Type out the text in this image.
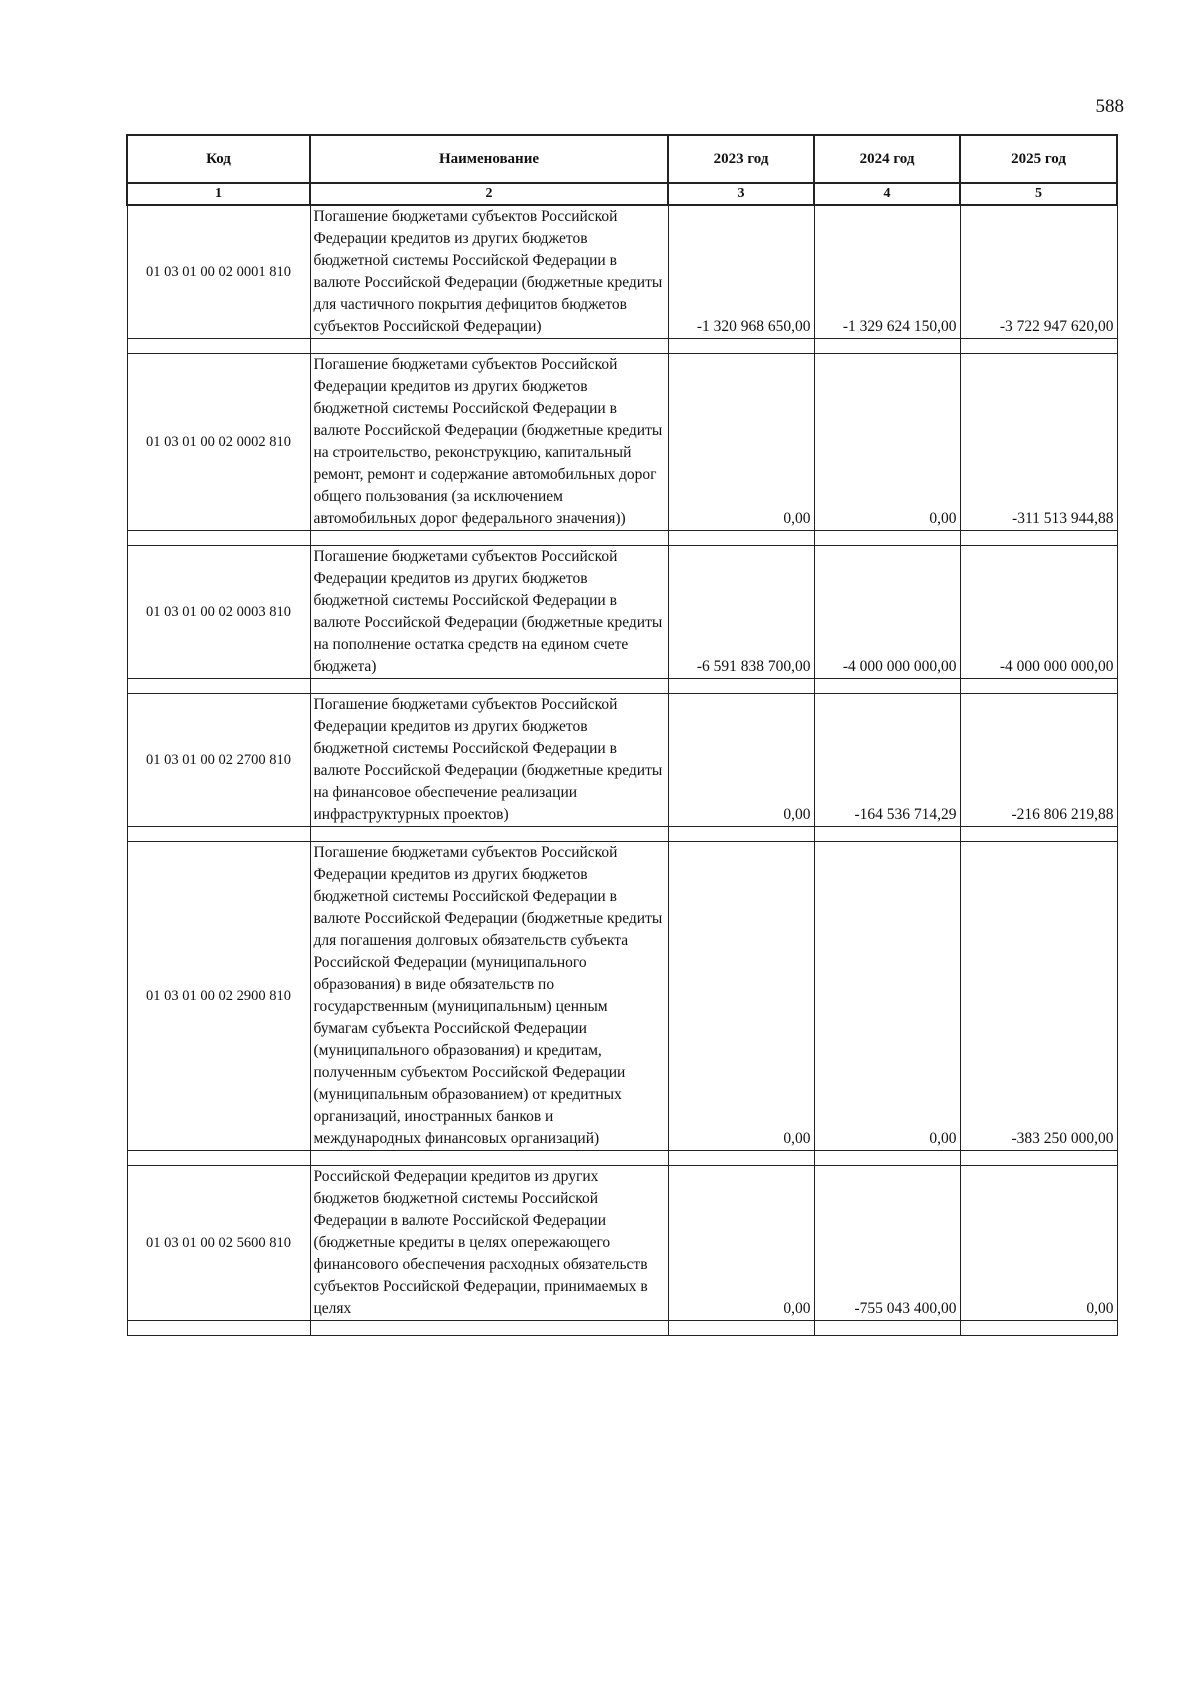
588
Код	Наименование	2023 год	2024 год	2025 год
1	2	3	4	5
01 03 01 00 02 0001 810	Погашение бюджетами субъектов Российской Федерации кредитов из других бюджетов бюджетной системы Российской Федерации в валюте Российской Федерации (бюджетные кредиты для частичного покрытия дефицитов бюджетов субъектов Российской Федерации)	-1 320 968 650,00	-1 329 624 150,00	-3 722 947 620,00

01 03 01 00 02 0002 810	Погашение бюджетами субъектов Российской Федерации кредитов из других бюджетов бюджетной системы Российской Федерации в валюте Российской Федерации (бюджетные кредиты на строительство, реконструкцию, капитальный ремонт, ремонт и содержание автомобильных дорог общего пользования (за исключением автомобильных дорог федерального значения))	0,00	0,00	-311 513 944,88

01 03 01 00 02 0003 810	Погашение бюджетами субъектов Российской Федерации кредитов из других бюджетов бюджетной системы Российской Федерации в валюте Российской Федерации (бюджетные кредиты на пополнение остатка средств на едином счете бюджета)	-6 591 838 700,00	-4 000 000 000,00	-4 000 000 000,00

01 03 01 00 02 2700 810	Погашение бюджетами субъектов Российской Федерации кредитов из других бюджетов бюджетной системы Российской Федерации в валюте Российской Федерации (бюджетные кредиты на финансовое обеспечение реализации инфраструктурных проектов)	0,00	-164 536 714,29	-216 806 219,88

01 03 01 00 02 2900 810	Погашение бюджетами субъектов Российской Федерации кредитов из других бюджетов бюджетной системы Российской Федерации в валюте Российской Федерации (бюджетные кредиты для погашения долговых обязательств субъекта Российской Федерации (муниципального образования) в виде обязательств по государственным (муниципальным) ценным бумагам субъекта Российской Федерации (муниципального образования) и кредитам, полученным субъектом Российской Федерации (муниципальным образованием) от кредитных организаций, иностранных банков и международных финансовых организаций)	0,00	0,00	-383 250 000,00

01 03 01 00 02 5600 810	Российской Федерации кредитов из других бюджетов бюджетной системы Российской Федерации в валюте Российской Федерации (бюджетные кредиты в целях опережающего финансового обеспечения расходных обязательств субъектов Российской Федерации, принимаемых в целях	0,00	-755 043 400,00	0,00
